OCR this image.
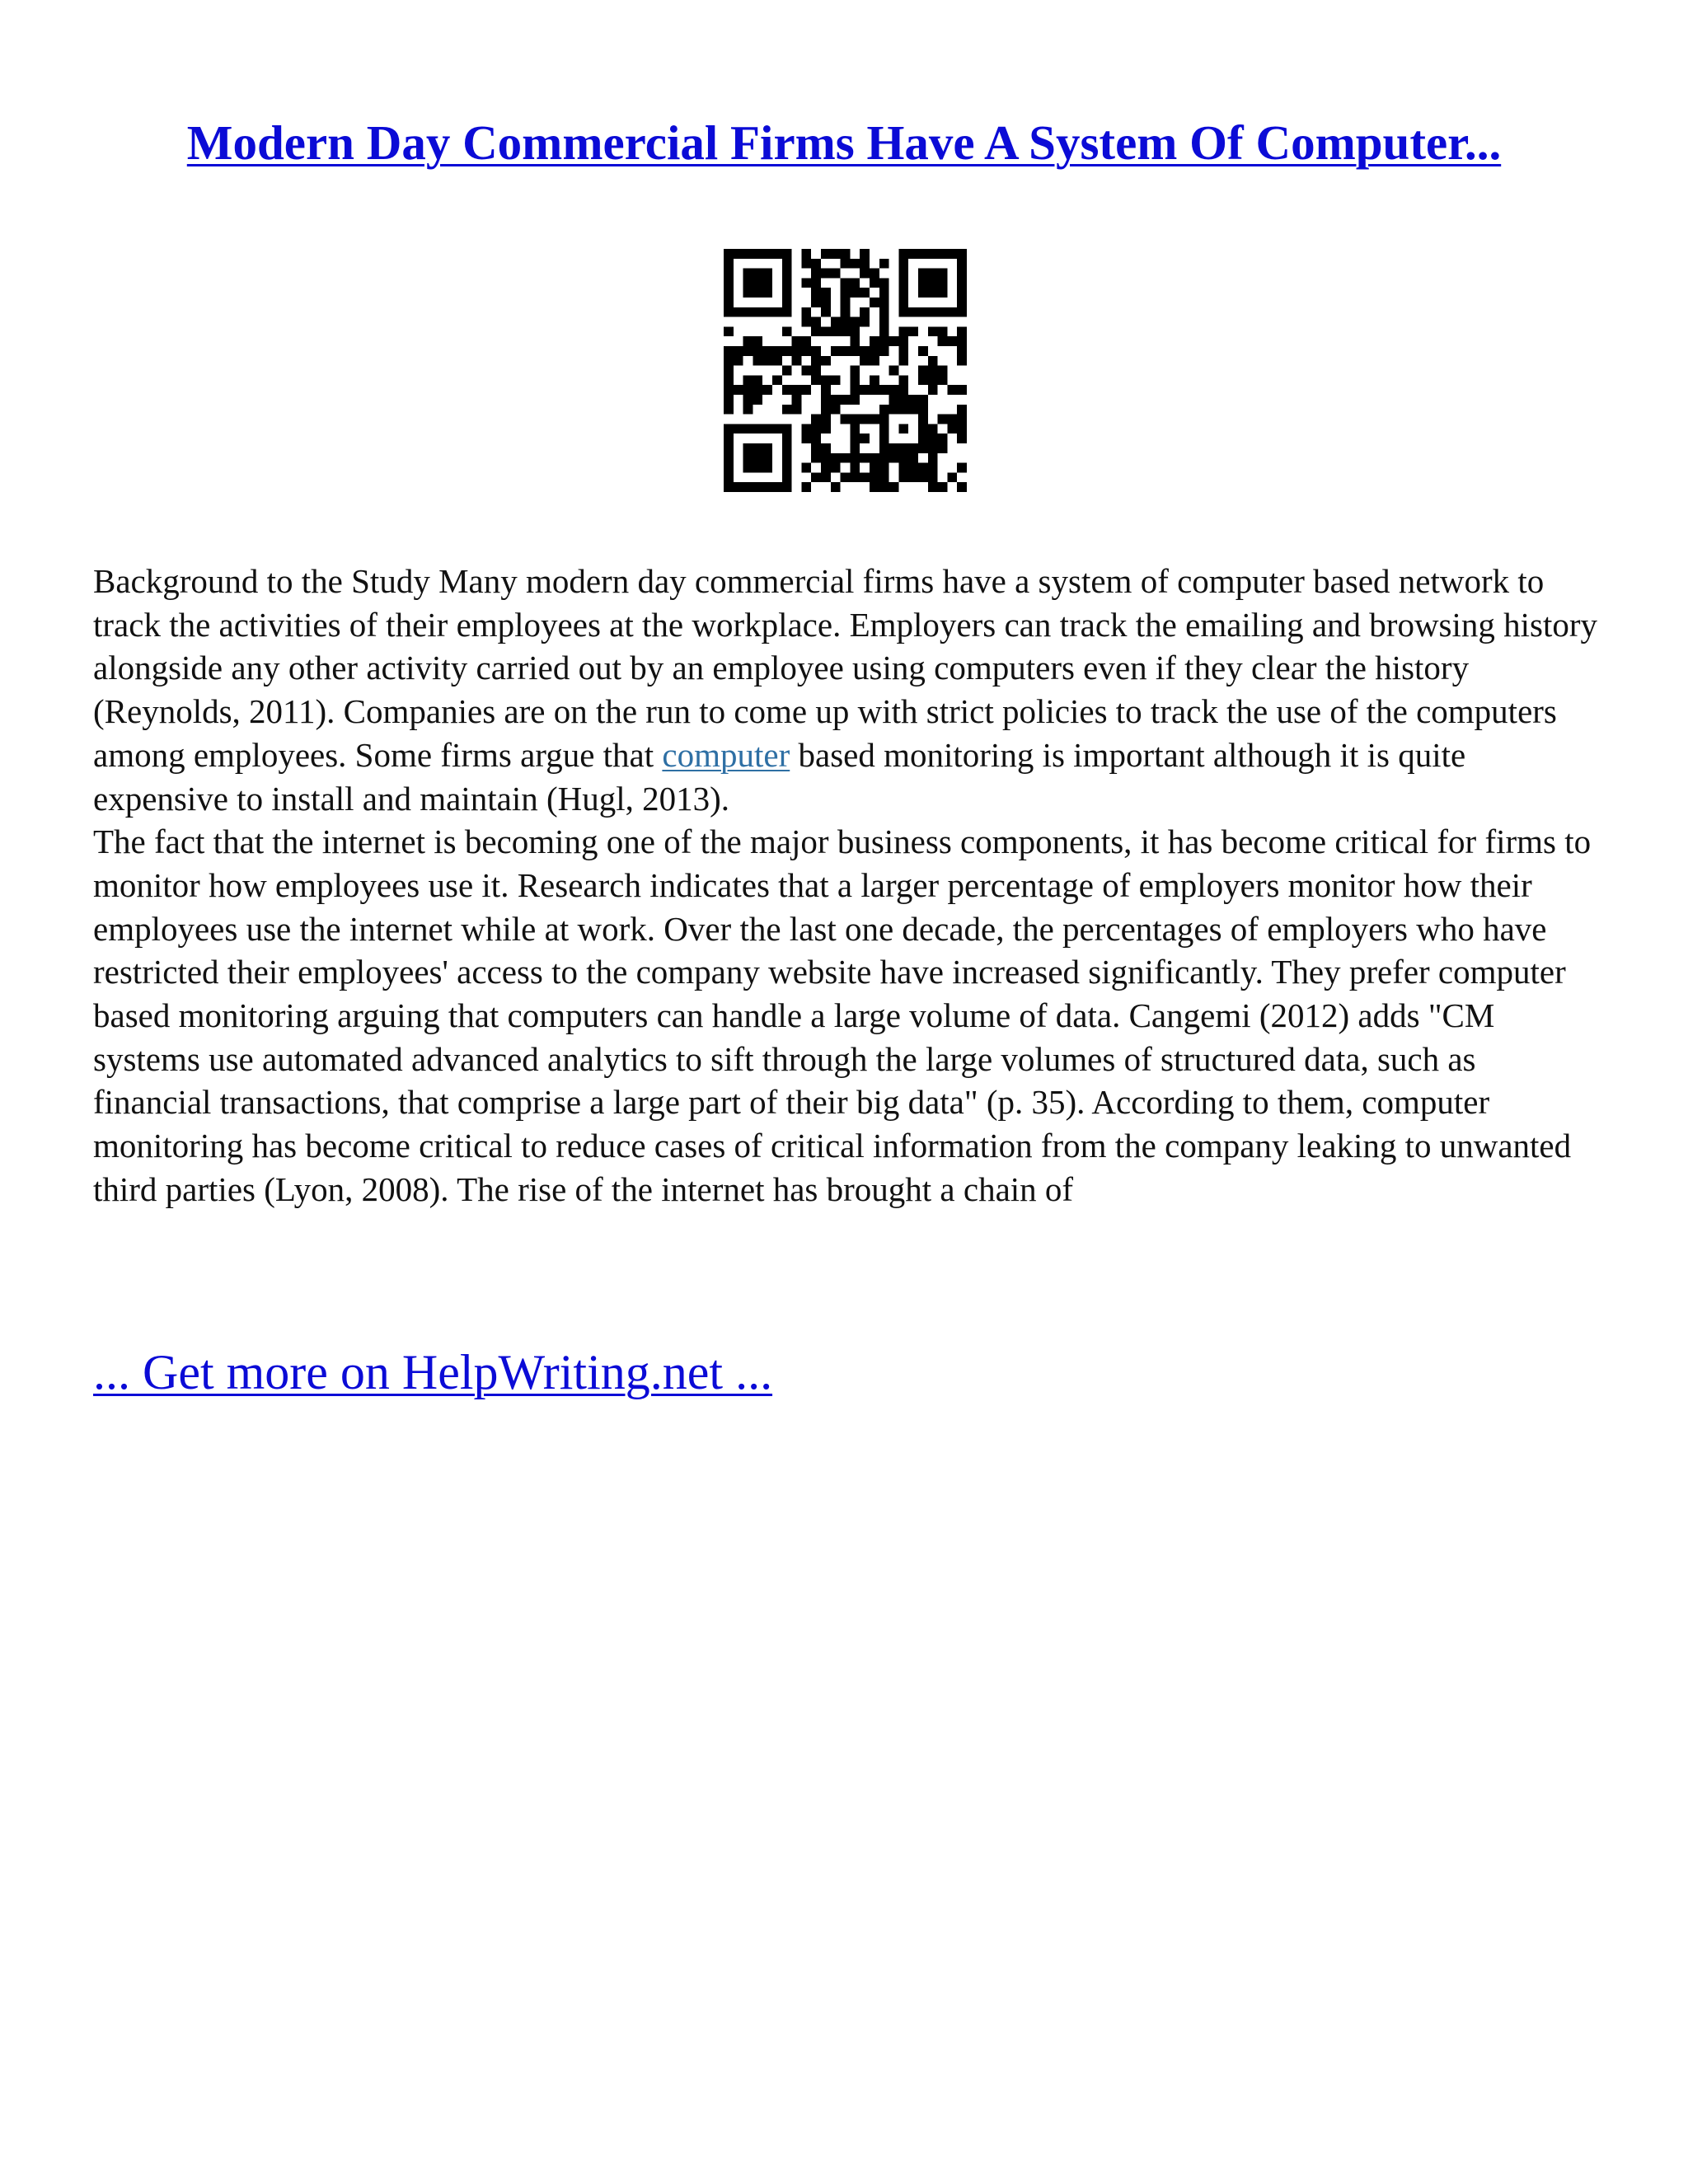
Modern Day Commercial Firms Have A System Of Computer...

Background to the Study Many modern day commercial firms have a system of computer based network to track the activities of their employees at the workplace. Employers can track the emailing and browsing history alongside any other activity carried out by an employee using computers even if they clear the history (Reynolds, 2011). Companies are on the run to come up with strict policies to track the use of the computers among employees. Some firms argue that computer based monitoring is important although it is quite expensive to install and maintain (Hugl, 2013).

The fact that the internet is becoming one of the major business components, it has become critical for firms to monitor how employees use it. Research indicates that a larger percentage of employers monitor how their employees use the internet while at work. Over the last one decade, the percentages of employers who have restricted their employees' access to the company website have increased significantly. They prefer computer based monitoring arguing that computers can handle a large volume of data. Cangemi (2012) adds "CM systems use automated advanced analytics to sift through the large volumes of structured data, such as financial transactions, that comprise a large part of their big data" (p. 35). According to them, computer monitoring has become critical to reduce cases of critical information from the company leaking to unwanted third parties (Lyon, 2008). The rise of the internet has brought a chain of

... Get more on HelpWriting.net ...
